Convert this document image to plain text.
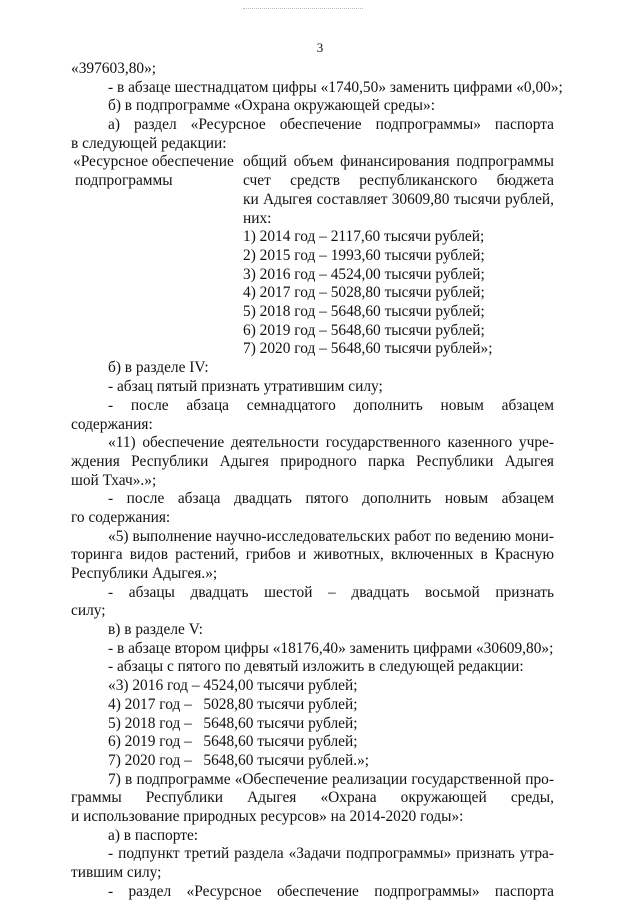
3
«397603,80»;
- в абзаце шестнадцатом цифры «1740,50» заменить цифрами «0,00»;
б) в подпрограмме «Охрана окружающей среды»:
а) раздел «Ресурсное обеспечение подпрограммы» паспорта
в следующей редакции:
«Ресурсное обеспечение
подпрограммы
общий объем финансирования подпрограммы
счет средств республиканского бюджета
ки Адыгея составляет 30609,80 тысячи рублей,
них:
1) 2014 год – 2117,60 тысячи рублей;
2) 2015 год – 1993,60 тысячи рублей;
3) 2016 год – 4524,00 тысячи рублей;
4) 2017 год – 5028,80 тысячи рублей;
5) 2018 год – 5648,60 тысячи рублей;
6) 2019 год – 5648,60 тысячи рублей;
7) 2020 год – 5648,60 тысячи рублей»;
б) в разделе IV:
- абзац пятый признать утратившим силу;
- после абзаца семнадцатого дополнить новым абзацем
содержания:
«11) обеспечение деятельности государственного казенного учре-
ждения Республики Адыгея природного парка Республики Адыгея
шой Тхач».»;
- после абзаца двадцать пятого дополнить новым абзацем
го содержания:
«5) выполнение научно-исследовательских работ по ведению мони-
торинга видов растений, грибов и животных, включенных в Красную
Республики Адыгея.»;
- абзацы двадцать шестой – двадцать восьмой признать
силу;
в) в разделе V:
- в абзаце втором цифры «18176,40» заменить цифрами «30609,80»;
- абзацы с пятого по девятый изложить в следующей редакции:
«3) 2016 год – 4524,00 тысячи рублей;
4) 2017 год –   5028,80 тысячи рублей;
5) 2018 год –   5648,60 тысячи рублей;
6) 2019 год –   5648,60 тысячи рублей;
7) 2020 год –   5648,60 тысячи рублей.»;
7) в подпрограмме «Обеспечение реализации государственной про-
граммы Республики Адыгея «Охрана окружающей среды,
и использование природных ресурсов» на 2014-2020 годы»:
а) в паспорте:
- подпункт третий раздела «Задачи подпрограммы» признать утра-
тившим силу;
- раздел «Ресурсное обеспечение подпрограммы» паспорта
